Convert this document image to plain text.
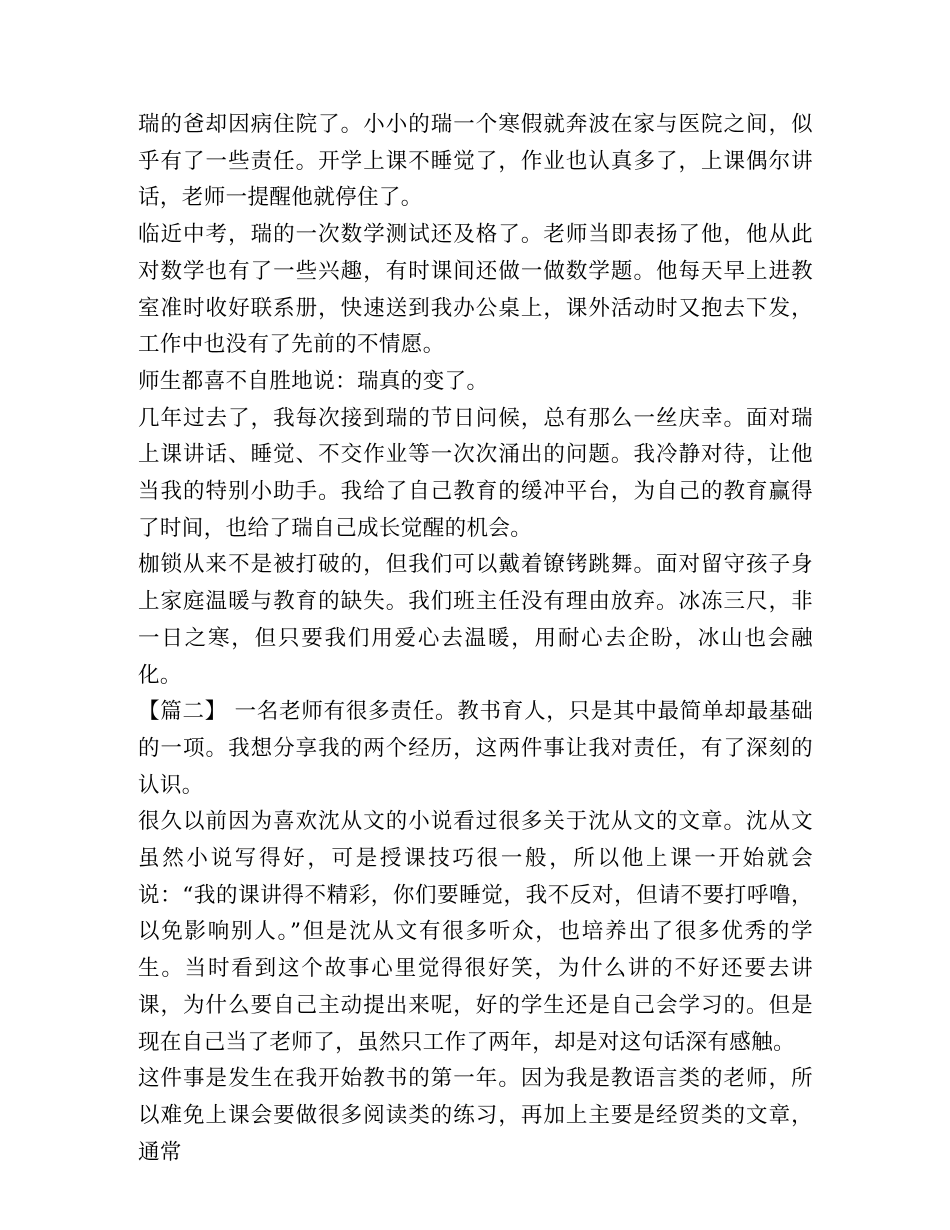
瑞的爸却因病住院了。小小的瑞一个寒假就奔波在家与医院之间，似乎有了一些责任。开学上课不睡觉了，作业也认真多了，上课偶尔讲话，老师一提醒他就停住了。

临近中考，瑞的一次数学测试还及格了。老师当即表扬了他，他从此对数学也有了一些兴趣，有时课间还做一做数学题。他每天早上进教室准时收好联系册，快速送到我办公桌上，课外活动时又抱去下发，工作中也没有了先前的不情愿。

师生都喜不自胜地说：瑞真的变了。

几年过去了，我每次接到瑞的节日问候，总有那么一丝庆幸。面对瑞上课讲话、睡觉、不交作业等一次次涌出的问题。我冷静对待，让他当我的特别小助手。我给了自己教育的缓冲平台，为自己的教育赢得了时间，也给了瑞自己成长觉醒的机会。

枷锁从来不是被打破的，但我们可以戴着镣铐跳舞。面对留守孩子身上家庭温暖与教育的缺失。我们班主任没有理由放弃。冰冻三尺，非一日之寒，但只要我们用爱心去温暖，用耐心去企盼，冰山也会融化。

【篇二】 一名老师有很多责任。教书育人，只是其中最简单却最基础的一项。我想分享我的两个经历，这两件事让我对责任，有了深刻的认识。

很久以前因为喜欢沈从文的小说看过很多关于沈从文的文章。沈从文虽然小说写得好，可是授课技巧很一般，所以他上课一开始就会说：“我的课讲得不精彩，你们要睡觉，我不反对，但请不要打呼噜，以免影响别人。”但是沈从文有很多听众，也培养出了很多优秀的学生。当时看到这个故事心里觉得很好笑，为什么讲的不好还要去讲课，为什么要自己主动提出来呢，好的学生还是自己会学习的。但是现在自己当了老师了，虽然只工作了两年，却是对这句话深有感触。

这件事是发生在我开始教书的第一年。因为我是教语言类的老师，所以难免上课会要做很多阅读类的练习，再加上主要是经贸类的文章，通常
